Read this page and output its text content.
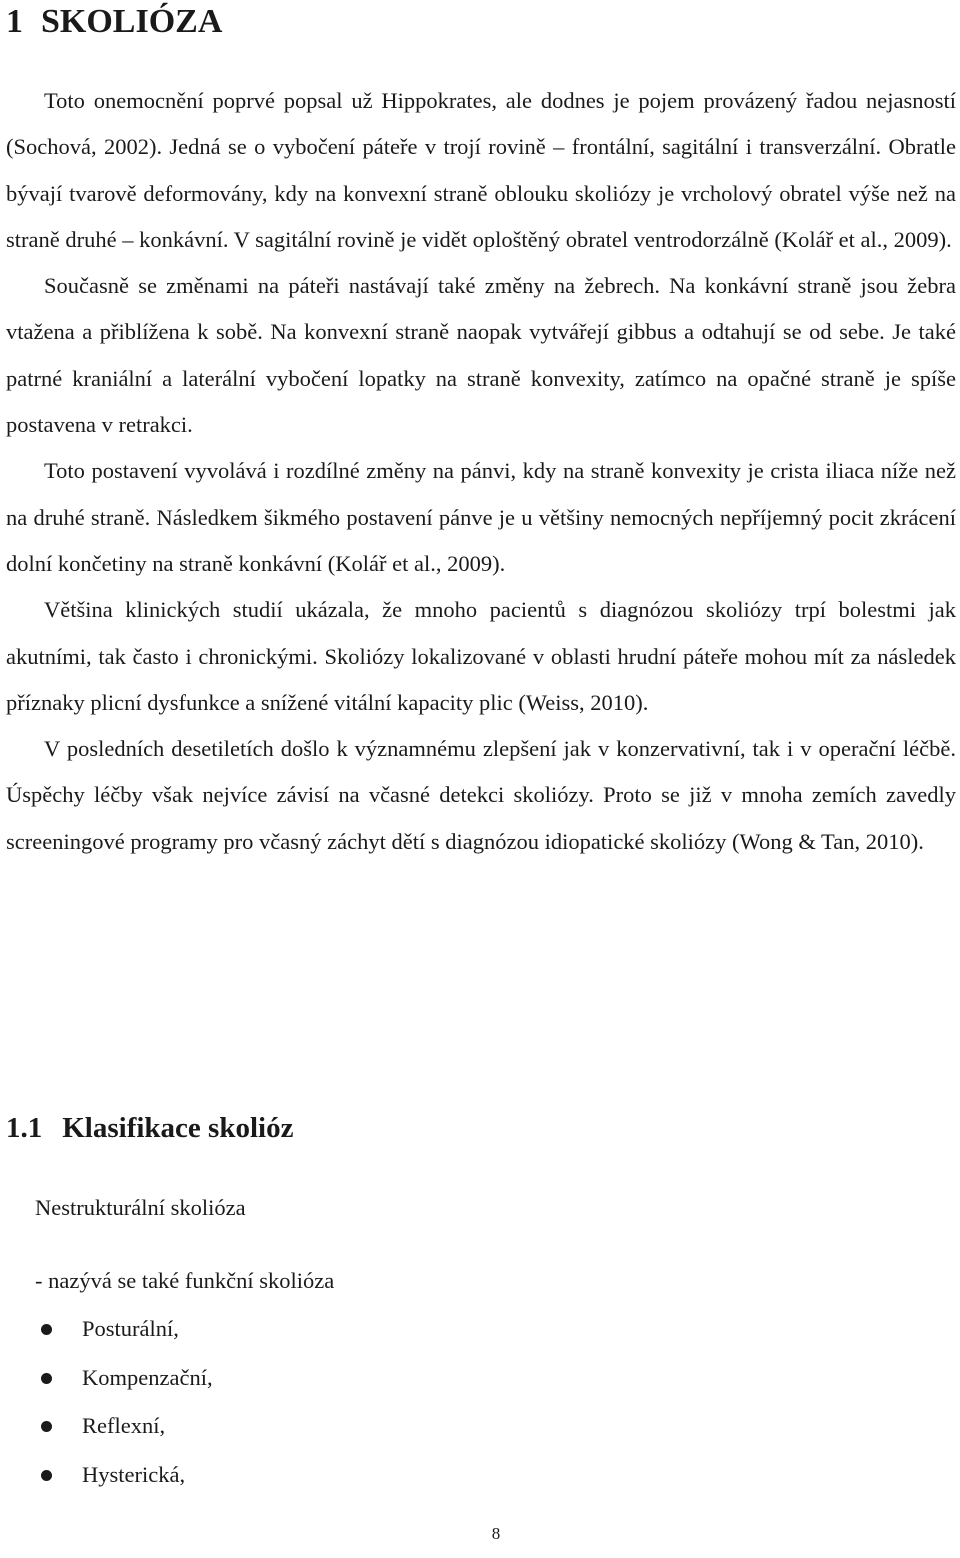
1 SKOLIÓZA

Toto onemocnění poprvé popsal už Hippokrates, ale dodnes je pojem provázený řadou nejasností (Sochová, 2002). Jedná se o vybočení páteře v trojí rovině – frontální, sagitální i transverzální. Obratle bývají tvarově deformovány, kdy na konvexní straně oblouku skoliózy je vrcholový obratel výše než na straně druhé – konkávní. V sagitální rovině je vidět oploštěný obratel ventrodorzálně (Kolář et al., 2009).

Současně se změnami na páteři nastávají také změny na žebrech. Na konkávní straně jsou žebra vtažena a přiblížena k sobě. Na konvexní straně naopak vytvářejí gibbus a odtahují se od sebe. Je také patrné kraniální a laterální vybočení lopatky na straně konvexity, zatímco na opačné straně je spíše postavena v retrakci.

Toto postavení vyvolává i rozdílné změny na pánvi, kdy na straně konvexity je crista iliaca níže než na druhé straně. Následkem šikmého postavení pánve je u většiny nemocných nepříjemný pocit zkrácení dolní končetiny na straně konkávní (Kolář et al., 2009).

Většina klinických studií ukázala, že mnoho pacientů s diagnózou skoliózy trpí bolestmi jak akutními, tak často i chronickými. Skoliózy lokalizované v oblasti hrudní páteře mohou mít za následek příznaky plicní dysfunkce a snížené vitální kapacity plic (Weiss, 2010).

V posledních desetiletích došlo k významnému zlepšení jak v konzervativní, tak i v operační léčbě. Úspěchy léčby však nejvíce závisí na včasné detekci skoliózy. Proto se již v mnoha zemích zavedly screeningové programy pro včasný záchyt dětí s diagnózou idiopatické skoliózy (Wong & Tan, 2010).

1.1 Klasifikace skolióz
Nestrukturální skolióza
- nazývá se také funkční skolióza
Posturální,
Kompenzační,
Reflexní,
Hysterická,
8
